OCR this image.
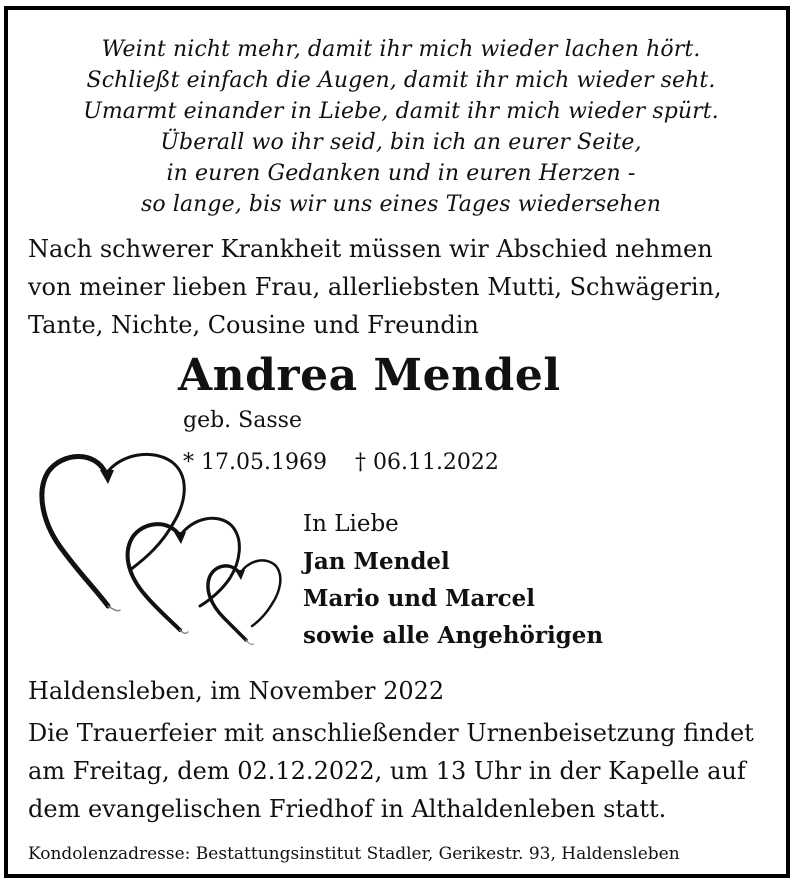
Weint nicht mehr, damit ihr mich wieder lachen hört.
Schließt einfach die Augen, damit ihr mich wieder seht.
Umarmt einander in Liebe, damit ihr mich wieder spürt.
Überall wo ihr seid, bin ich an eurer Seite,
in euren Gedanken und in euren Herzen -
so lange, bis wir uns eines Tages wiedersehen
Nach schwerer Krankheit müssen wir Abschied nehmen
von meiner lieben Frau, allerliebsten Mutti, Schwägerin,
Tante, Nichte, Cousine und Freundin
Andrea Mendel
geb. Sasse
* 17.05.1969 † 06.11.2022
In Liebe
Jan Mendel
Mario und Marcel
sowie alle Angehörigen
Haldensleben, im November 2022
Die Trauerfeier mit anschließender Urnenbeisetzung findet
am Freitag, dem 02.12.2022, um 13 Uhr in der Kapelle auf
dem evangelischen Friedhof in Althaldenleben statt.
Kondolenzadresse: Bestattungsinstitut Stadler, Gerikestr. 93, Haldensleben
